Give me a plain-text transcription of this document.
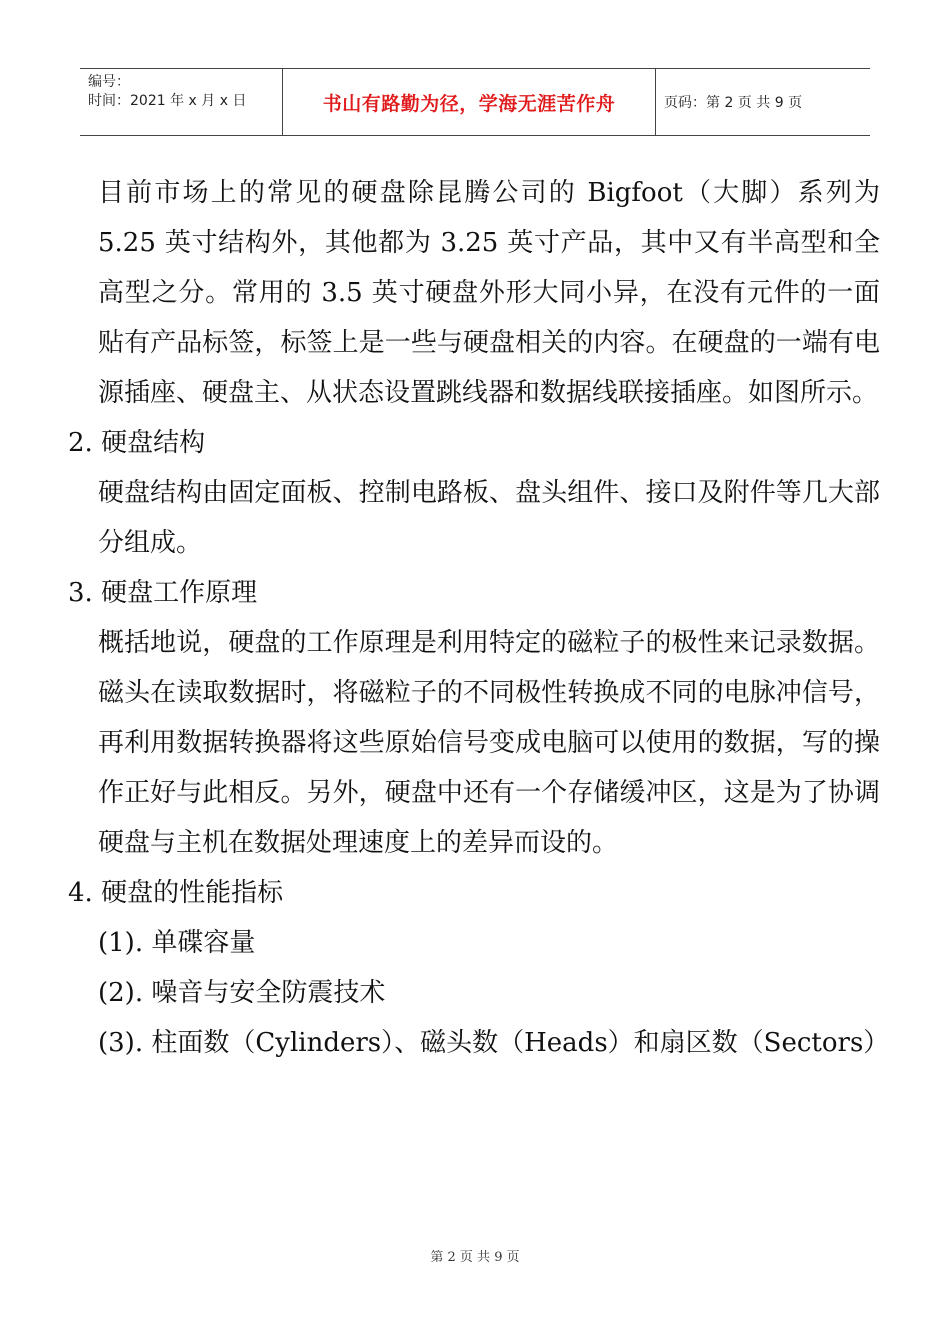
编号：
时间：2021 年 x 月 x 日	书山有路勤为径，学海无涯苦作舟	页码：第 2 页 共 9 页

目前市场上的常见的硬盘除昆腾公司的 Bigfoot（大脚）系列为 5.25 英寸结构外，其他都为 3.25 英寸产品，其中又有半高型和全高型之分。常用的 3.5 英寸硬盘外形大同小异，在没有元件的一面贴有产品标签，标签上是一些与硬盘相关的内容。在硬盘的一端有电源插座、硬盘主、从状态设置跳线器和数据线联接插座。如图所示。

2. 硬盘结构

硬盘结构由固定面板、控制电路板、盘头组件、接口及附件等几大部分组成。

3. 硬盘工作原理

概括地说，硬盘的工作原理是利用特定的磁粒子的极性来记录数据。磁头在读取数据时，将磁粒子的不同极性转换成不同的电脉冲信号，再利用数据转换器将这些原始信号变成电脑可以使用的数据，写的操作正好与此相反。另外，硬盘中还有一个存储缓冲区，这是为了协调硬盘与主机在数据处理速度上的差异而设的。

4. 硬盘的性能指标

(1). 单碟容量

(2). 噪音与安全防震技术

(3). 柱面数（Cylinders）、磁头数（Heads）和扇区数（Sectors）

第 2 页 共 9 页
